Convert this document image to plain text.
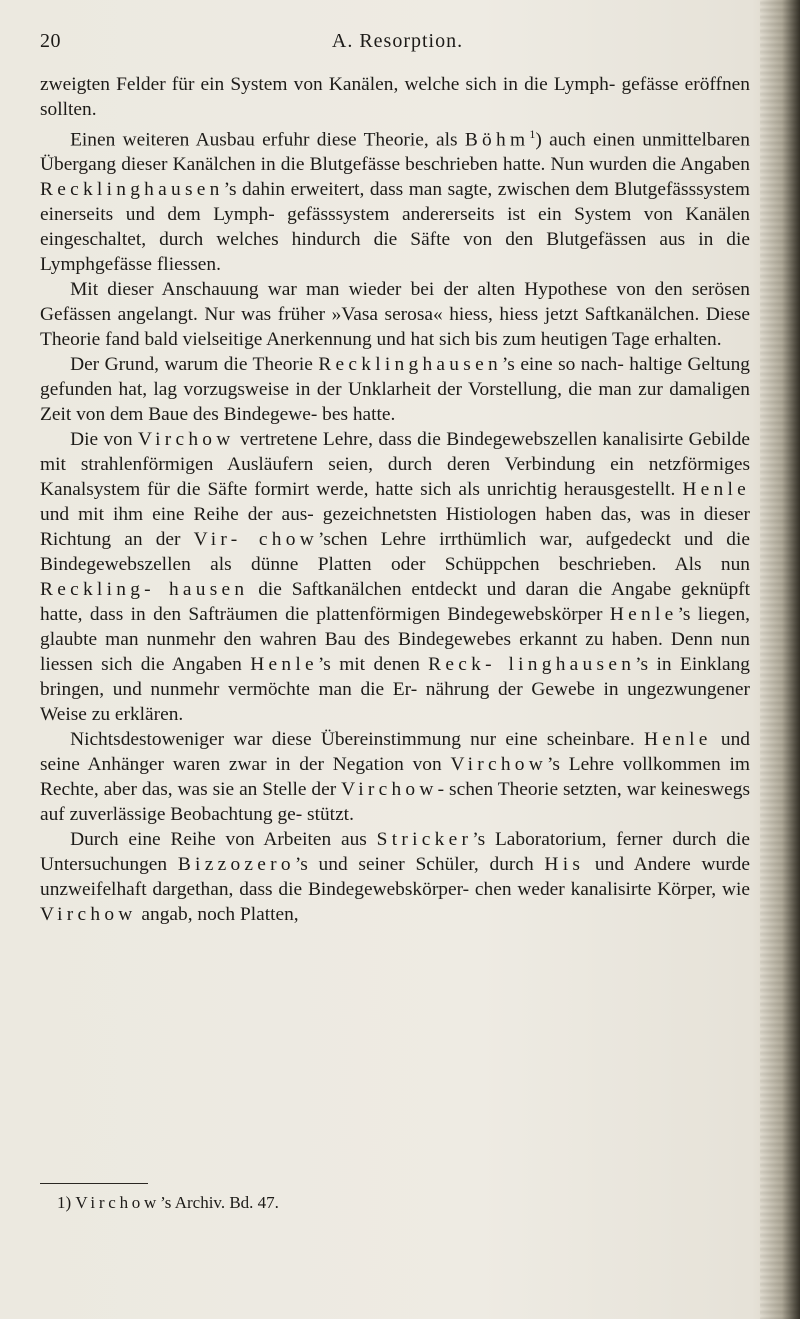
20	A. Resorption.

zweigten Felder für ein System von Kanälen, welche sich in die Lymph- gefässe eröffnen sollten.

Einen weiteren Ausbau erfuhr diese Theorie, als Böhm$^1$) auch einen unmittelbaren Übergang dieser Kanälchen in die Blutgefässe beschrieben hatte. Nun wurden die Angaben Recklinghausen’s dahin erweitert, dass man sagte, zwischen dem Blutgefässsystem einerseits und dem Lymph- gefässsystem andererseits ist ein System von Kanälen eingeschaltet, durch welches hindurch die Säfte von den Blutgefässen aus in die Lymphgefässe fliessen.

Mit dieser Anschauung war man wieder bei der alten Hypothese von den serösen Gefässen angelangt. Nur was früher »Vasa serosa« hiess, hiess jetzt Saftkanälchen. Diese Theorie fand bald vielseitige Anerkennung und hat sich bis zum heutigen Tage erhalten.

Der Grund, warum die Theorie Recklinghausen’s eine so nach- haltige Geltung gefunden hat, lag vorzugsweise in der Unklarheit der Vorstellung, die man zur damaligen Zeit von dem Baue des Bindegewe- bes hatte.

Die von Virchow vertretene Lehre, dass die Bindegewebszellen kanalisirte Gebilde mit strahlenförmigen Ausläufern seien, durch deren Verbindung ein netzförmiges Kanalsystem für die Säfte formirt werde, hatte sich als unrichtig herausgestellt. Henle und mit ihm eine Reihe der aus- gezeichnetsten Histiologen haben das, was in dieser Richtung an der Vir- chow’schen Lehre irrthümlich war, aufgedeckt und die Bindegewebszellen als dünne Platten oder Schüppchen beschrieben. Als nun Reckling- hausen die Saftkanälchen entdeckt und daran die Angabe geknüpft hatte, dass in den Safträumen die plattenförmigen Bindegewebskörper Henle’s liegen, glaubte man nunmehr den wahren Bau des Bindegewebes erkannt zu haben. Denn nun liessen sich die Angaben Henle’s mit denen Reck- linghausen’s in Einklang bringen, und nunmehr vermöchte man die Er- nährung der Gewebe in ungezwungener Weise zu erklären.

Nichtsdestoweniger war diese Übereinstimmung nur eine scheinbare. Henle und seine Anhänger waren zwar in der Negation von Virchow’s Lehre vollkommen im Rechte, aber das, was sie an Stelle der Virchow- schen Theorie setzten, war keineswegs auf zuverlässige Beobachtung ge- stützt.

Durch eine Reihe von Arbeiten aus Stricker’s Laboratorium, ferner durch die Untersuchungen Bizzozero’s und seiner Schüler, durch His und Andere wurde unzweifelhaft dargethan, dass die Bindegewebskörper- chen weder kanalisirte Körper, wie Virchow angab, noch Platten,

1) Virchow’s Archiv. Bd. 47.
